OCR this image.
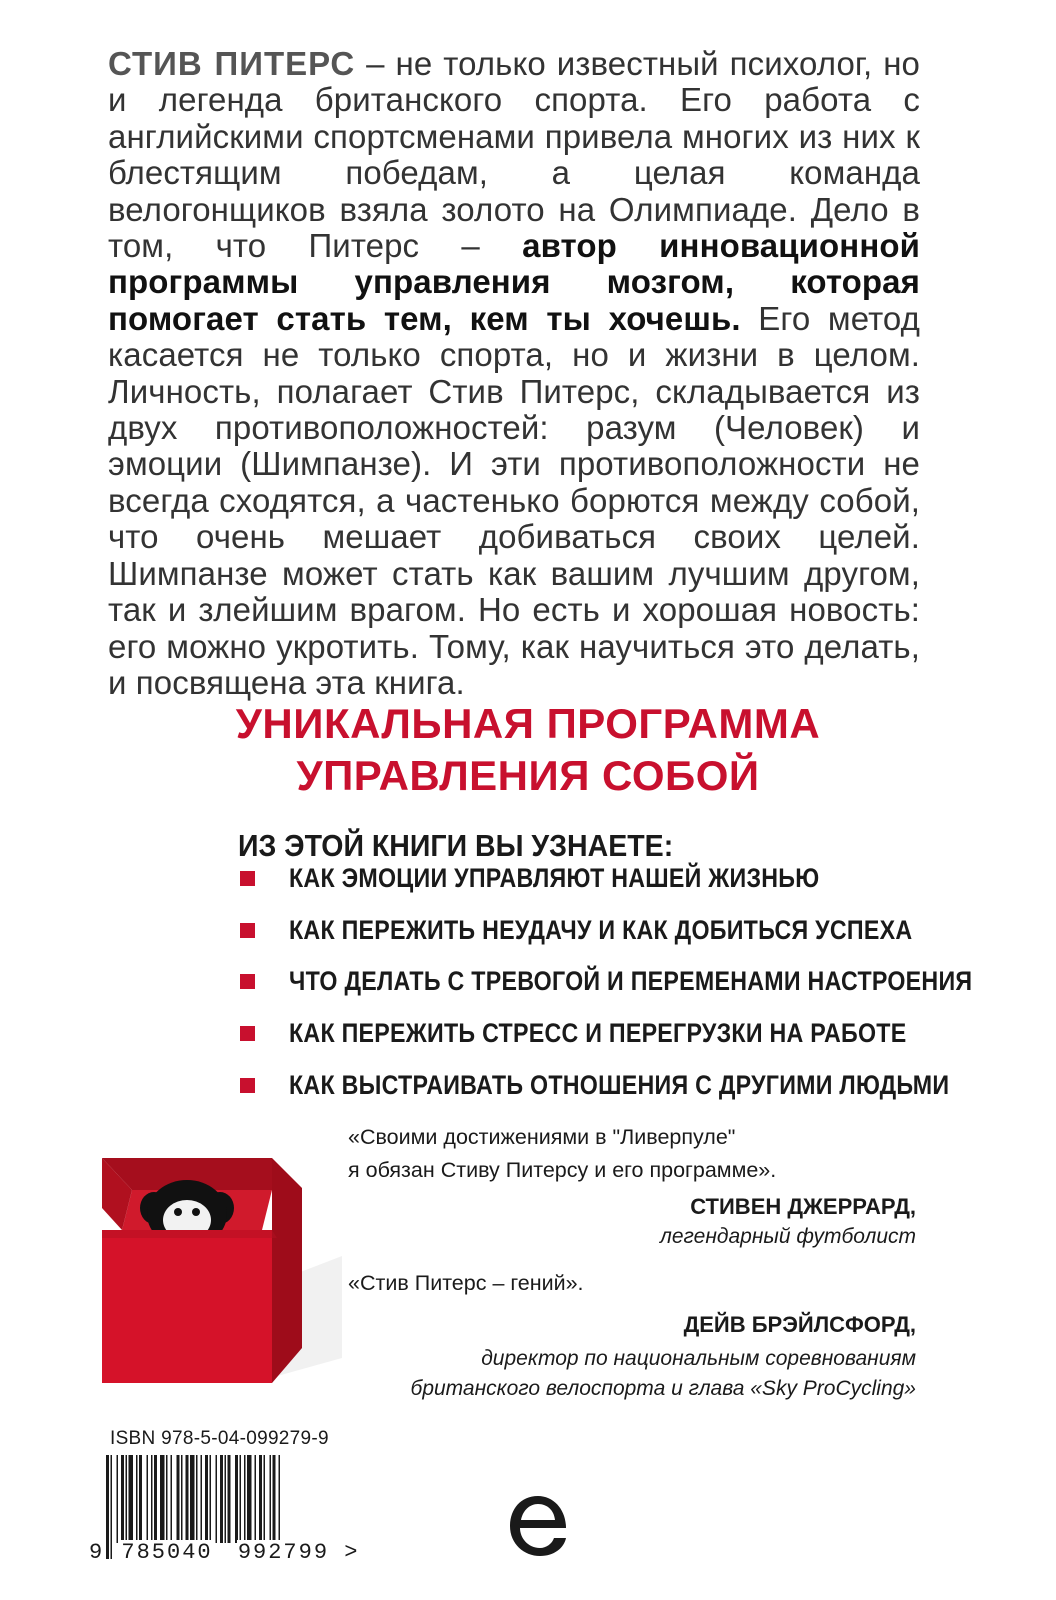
СТИВ ПИТЕРС – не только известный психолог, но и легенда британского спорта. Его работа с английскими спортсменами привела многих из них к блестящим победам, а целая команда велогонщиков взяла золото на Олимпиаде. Дело в том, что Питерс – автор инновационной программы управления мозгом, которая помогает стать тем, кем ты хочешь. Его метод касается не только спорта, но и жизни в целом. Личность, полагает Стив Питерс, складывается из двух противоположностей: разум (Человек) и эмоции (Шимпанзе). И эти противоположности не всегда сходятся, а частенько борются между собой, что очень мешает добиваться своих целей. Шимпанзе может стать как вашим лучшим другом, так и злейшим врагом. Но есть и хорошая новость: его можно укротить. Тому, как научиться это делать, и посвящена эта книга.
УНИКАЛЬНАЯ ПРОГРАММА
УПРАВЛЕНИЯ СОБОЙ
ИЗ ЭТОЙ КНИГИ ВЫ УЗНАЕТЕ:
КАК ЭМОЦИИ УПРАВЛЯЮТ НАШЕЙ ЖИЗНЬЮ
КАК ПЕРЕЖИТЬ НЕУДАЧУ И КАК ДОБИТЬСЯ УСПЕХА
ЧТО ДЕЛАТЬ С ТРЕВОГОЙ И ПЕРЕМЕНАМИ НАСТРОЕНИЯ
КАК ПЕРЕЖИТЬ СТРЕСС И ПЕРЕГРУЗКИ НА РАБОТЕ
КАК ВЫСТРАИВАТЬ ОТНОШЕНИЯ С ДРУГИМИ ЛЮДЬМИ
«Своими достижениями в "Ливерпуле"
я обязан Стиву Питерсу и его программе».
СТИВЕН ДЖЕРРАРД,
легендарный футболист
«Стив Питерс – гений».
ДЕЙВ БРЭЙЛСФОРД,
директор по национальным соревнованиям
британского велоспорта и глава «Sky ProCycling»
ISBN 978-5-04-099279-9
9 785040 992799 >
